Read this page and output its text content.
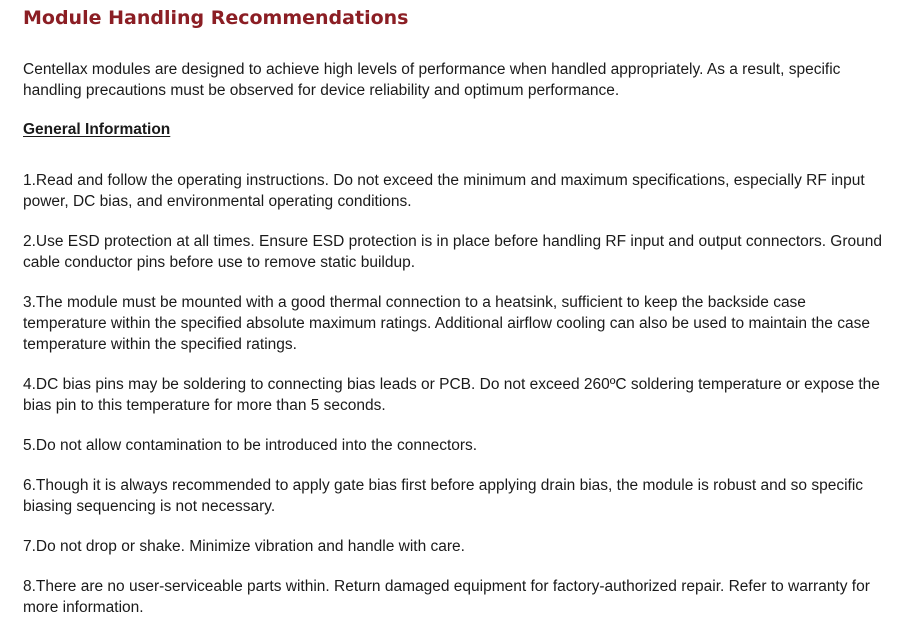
Module Handling Recommendations

Centellax modules are designed to achieve high levels of performance when handled appropriately. As a result, specific handling precautions must be observed for device reliability and optimum performance.

General Information
1.Read and follow the operating instructions. Do not exceed the minimum and maximum specifications, especially RF input power, DC bias, and environmental operating conditions.
2.Use ESD protection at all times. Ensure ESD protection is in place before handling RF input and output connectors. Ground cable conductor pins before use to remove static buildup.
3.The module must be mounted with a good thermal connection to a heatsink, sufficient to keep the backside case temperature within the specified absolute maximum ratings. Additional airflow cooling can also be used to maintain the case temperature within the specified ratings.
4.DC bias pins may be soldering to connecting bias leads or PCB. Do not exceed 260ºC soldering temperature or expose the bias pin to this temperature for more than 5 seconds.
5.Do not allow contamination to be introduced into the connectors.
6.Though it is always recommended to apply gate bias first before applying drain bias, the module is robust and so specific biasing sequencing is not necessary.
7.Do not drop or shake. Minimize vibration and handle with care.
8.There are no user-serviceable parts within. Return damaged equipment for factory-authorized repair. Refer to warranty for more information.
